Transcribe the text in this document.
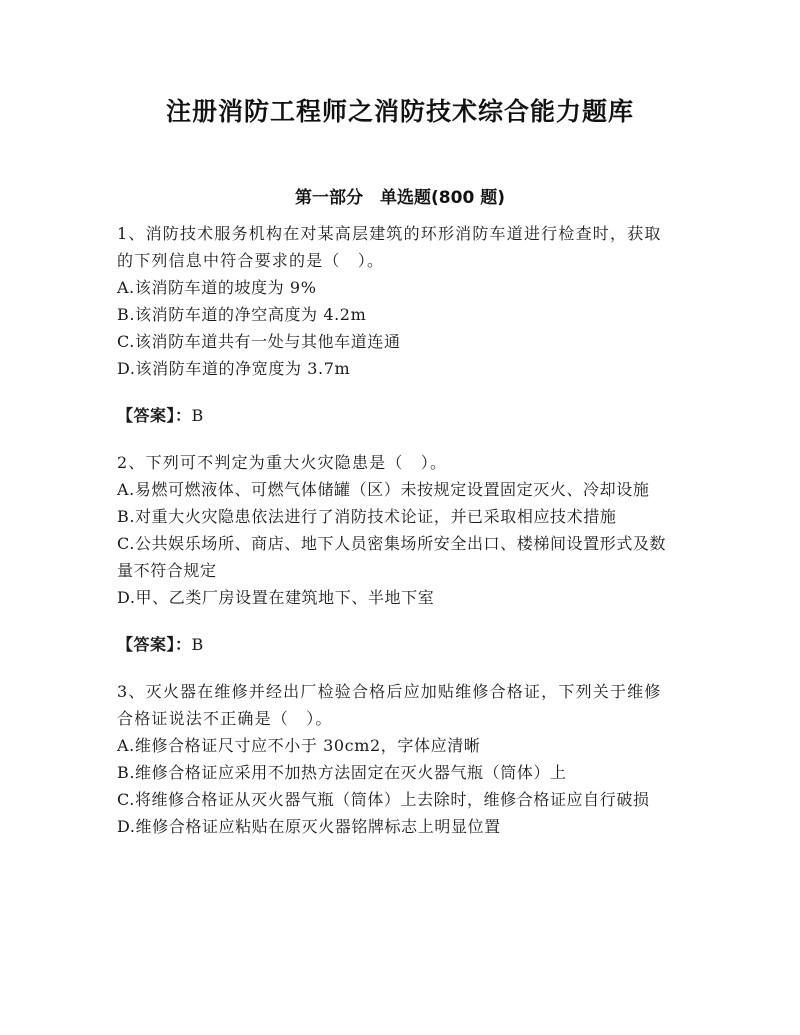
注册消防工程师之消防技术综合能力题库
第一部分　单选题(800 题)

1、消防技术服务机构在对某高层建筑的环形消防车道进行检查时，获取的下列信息中符合要求的是（　）。

A.该消防车道的坡度为 9%

B.该消防车道的净空高度为 4.2m

C.该消防车道共有一处与其他车道连通

D.该消防车道的净宽度为 3.7m

【答案】：B

2、下列可不判定为重大火灾隐患是（　）。

A.易燃可燃液体、可燃气体储罐（区）未按规定设置固定灭火、冷却设施

B.对重大火灾隐患依法进行了消防技术论证，并已采取相应技术措施

C.公共娱乐场所、商店、地下人员密集场所安全出口、楼梯间设置形式及数量不符合规定

D.甲、乙类厂房设置在建筑地下、半地下室

【答案】：B

3、灭火器在维修并经出厂检验合格后应加贴维修合格证，下列关于维修合格证说法不正确是（　）。

A.维修合格证尺寸应不小于 30cm2，字体应清晰

B.维修合格证应采用不加热方法固定在灭火器气瓶（筒体）上

C.将维修合格证从灭火器气瓶（筒体）上去除时，维修合格证应自行破损

D.维修合格证应粘贴在原灭火器铭牌标志上明显位置
